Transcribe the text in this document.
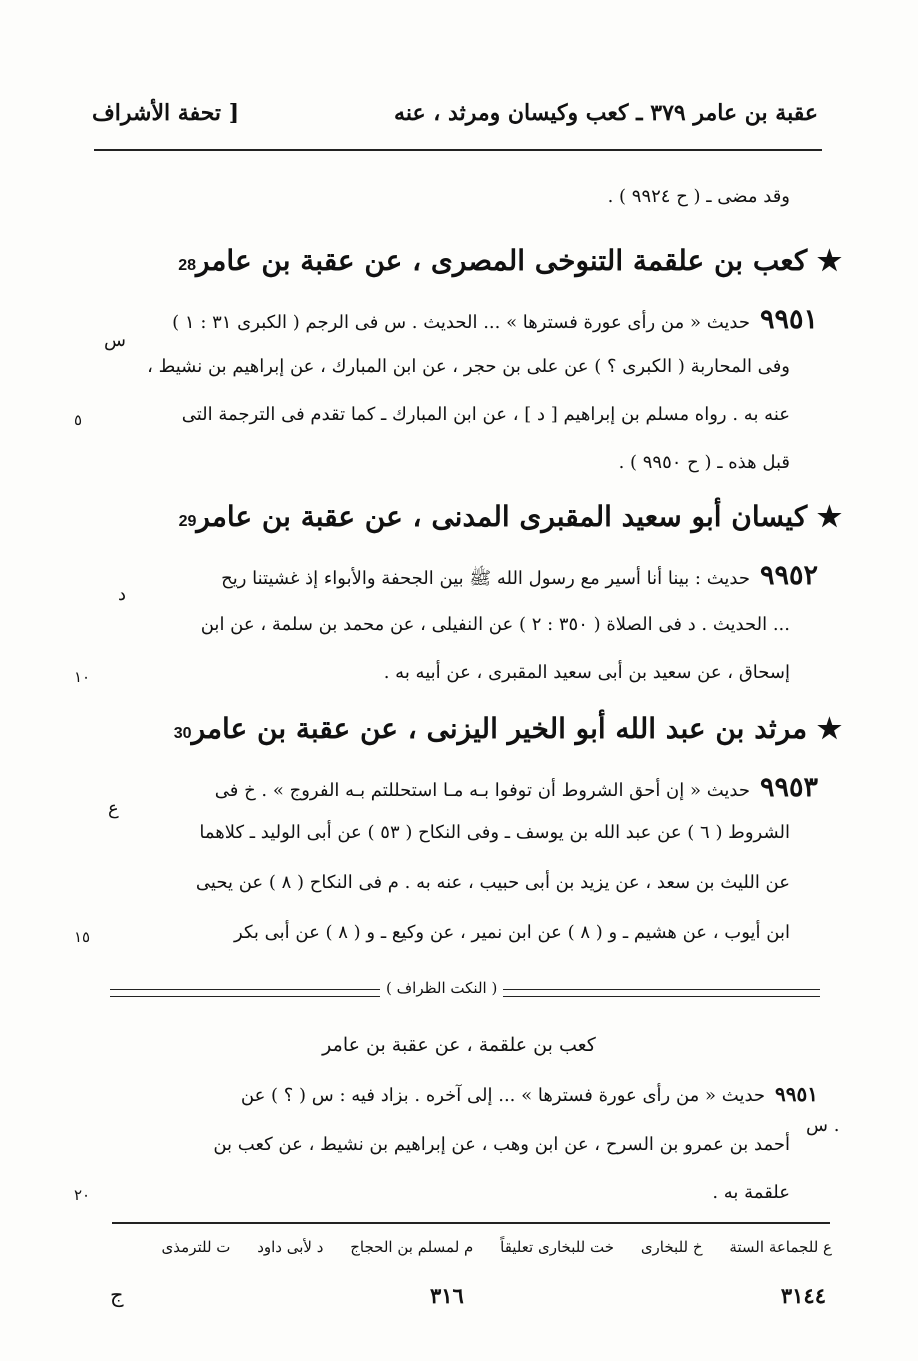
عقبة بن عامر ٣٧٩ ـ كعب وكيسان ومرثد ، عنه
[ تحفة الأشراف
وقد مضى ـ ( ح ٩٩٢٤ ) .
★ كعب بن علقمة التنوخى المصرى ، عن عقبة بن عامر28
٩٩٥١حديث « من رأى عورة فسترها » ... الحديث . س فى الرجم ( الكبرى ٣١ : ١ )
س
وفى المحاربة ( الكبرى ؟ ) عن على بن حجر ، عن ابن المبارك ، عن إبراهيم بن نشيط ،
عنه به . رواه مسلم بن إبراهيم [ د ] ، عن ابن المبارك ـ كما تقدم فى الترجمة التى
٥
قبل هذه ـ ( ح ٩٩٥٠ ) .
★ كيسان أبو سعيد المقبرى المدنى ، عن عقبة بن عامر29
٩٩٥٢حديث : بينا أنا أسير مع رسول الله ﷺ بين الجحفة والأبواء إذ غشيتنا ريح
د
... الحديث . د فى الصلاة ( ٣٥٠ : ٢ ) عن النفيلى ، عن محمد بن سلمة ، عن ابن
إسحاق ، عن سعيد بن أبى سعيد المقبرى ، عن أبيه به .
١٠
★ مرثد بن عبد الله أبو الخير اليزنى ، عن عقبة بن عامر30
٩٩٥٣حديث « إن أحق الشروط أن توفوا بـه مـا استحللتم بـه الفروج » . خ فى
ع
الشروط ( ٦ ) عن عبد الله بن يوسف ـ وفى النكاح ( ٥٣ ) عن أبى الوليد ـ كلاهما
عن الليث بن سعد ، عن يزيد بن أبى حبيب ، عنه به . م فى النكاح ( ٨ ) عن يحيى
ابن أيوب ، عن هشيم ـ و ( ٨ ) عن ابن نمير ، عن وكيع ـ و ( ٨ ) عن أبى بكر
١٥
( النكت الظراف )
كعب بن علقمة ، عن عقبة بن عامر
٩٩٥١حديث « من رأى عورة فسترها » ... إلى آخره . بزاد فيه : س ( ؟ ) عن
س .
أحمد بن عمرو بن السرح ، عن ابن وهب ، عن إبراهيم بن نشيط ، عن كعب بن
علقمة به .
٢٠
ع للجماعة الستة خ للبخارى خت للبخارى تعليقاً م لمسلم بن الحجاج د لأبى داود ت للترمذى
٣١٤٤
٣١٦
ج
